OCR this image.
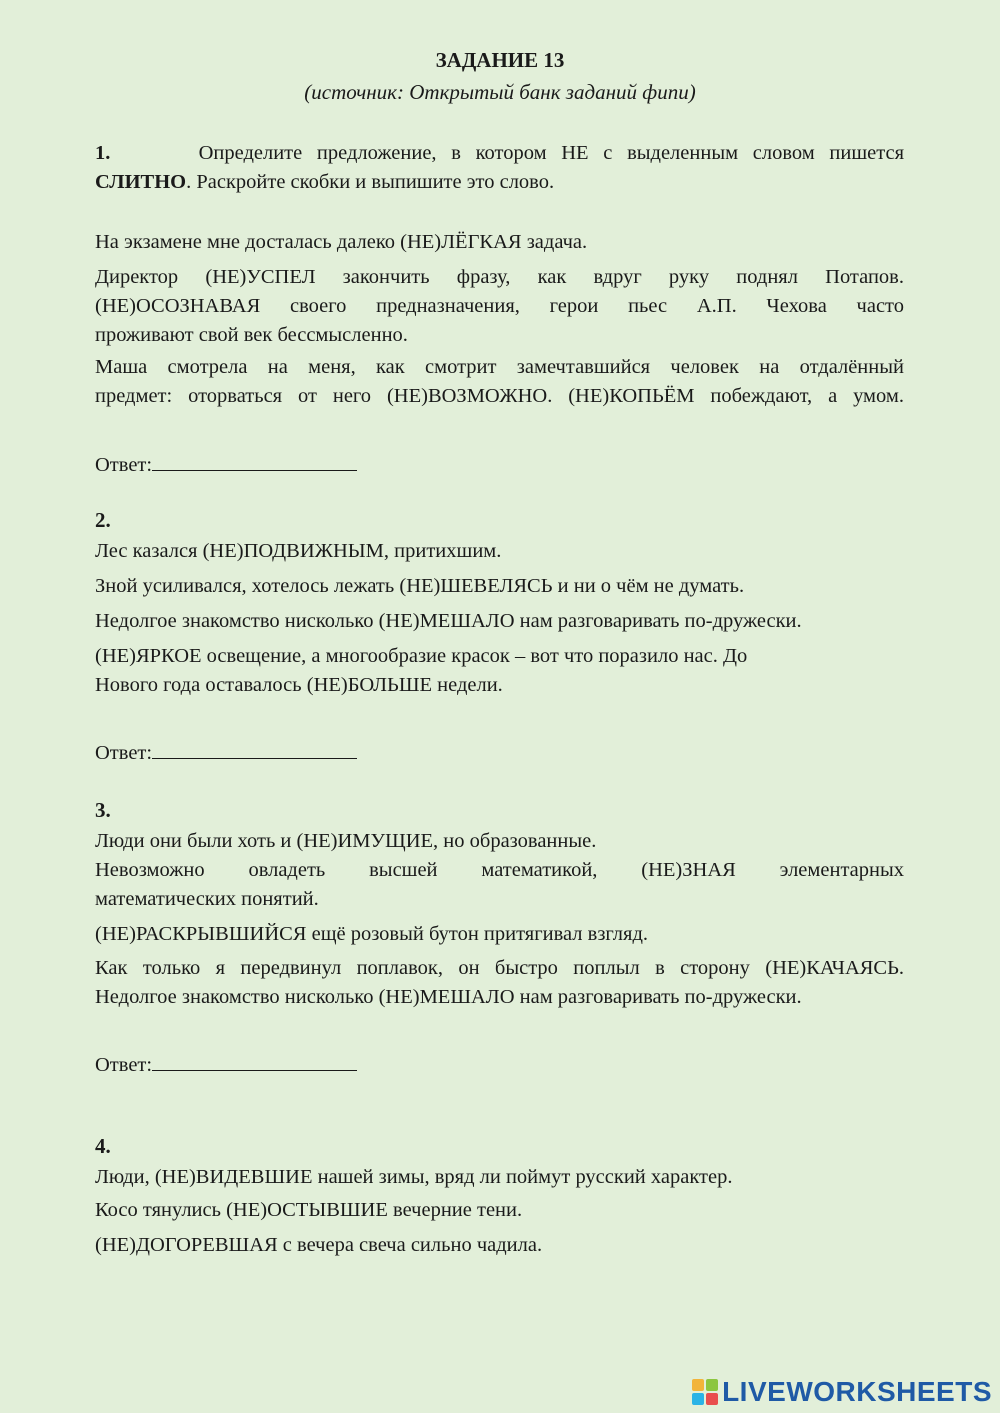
ЗАДАНИЕ 13
(источник: Открытый банк заданий фипи)
1.	Определите предложение, в котором НЕ с выделенным словом пишется
СЛИТНО. Раскройте скобки и выпишите это слово.
На экзамене мне досталась далеко (НЕ)ЛЁГКАЯ задача.
Директор (НЕ)УСПЕЛ закончить фразу, как вдруг руку поднял Потапов.
(НЕ)ОСОЗНАВАЯ своего предназначения, герои пьес А.П. Чехова часто
проживают свой век бессмысленно.
Маша смотрела на меня, как смотрит замечтавшийся человек на отдалённый
предмет: оторваться от него (НЕ)ВОЗМОЖНО. (НЕ)КОПЬЁМ побеждают, а умом.
Ответ:
2.
Лес казался (НЕ)ПОДВИЖНЫМ, притихшим.
Зной усиливался, хотелось лежать (НЕ)ШЕВЕЛЯСЬ и ни о чём не думать.
Недолгое знакомство нисколько (НЕ)МЕШАЛО нам разговаривать по-дружески.
(НЕ)ЯРКОЕ освещение, а многообразие красок – вот что поразило нас. До
Нового года оставалось (НЕ)БОЛЬШЕ недели.
Ответ:
3.
Люди они были хоть и (НЕ)ИМУЩИЕ, но образованные.
Невозможно овладеть высшей математикой, (НЕ)ЗНАЯ элементарных
математических понятий.
(НЕ)РАСКРЫВШИЙСЯ ещё розовый бутон притягивал взгляд.
Как только я передвинул поплавок, он быстро поплыл в сторону (НЕ)КАЧАЯСЬ.
Недолгое знакомство нисколько (НЕ)МЕШАЛО нам разговаривать по-дружески.
Ответ:
4.
Люди, (НЕ)ВИДЕВШИЕ нашей зимы, вряд ли поймут русский характер.
Косо тянулись (НЕ)ОСТЫВШИЕ вечерние тени.
(НЕ)ДОГОРЕВШАЯ с вечера свеча сильно чадила.
LIVEWORKSHEETS
